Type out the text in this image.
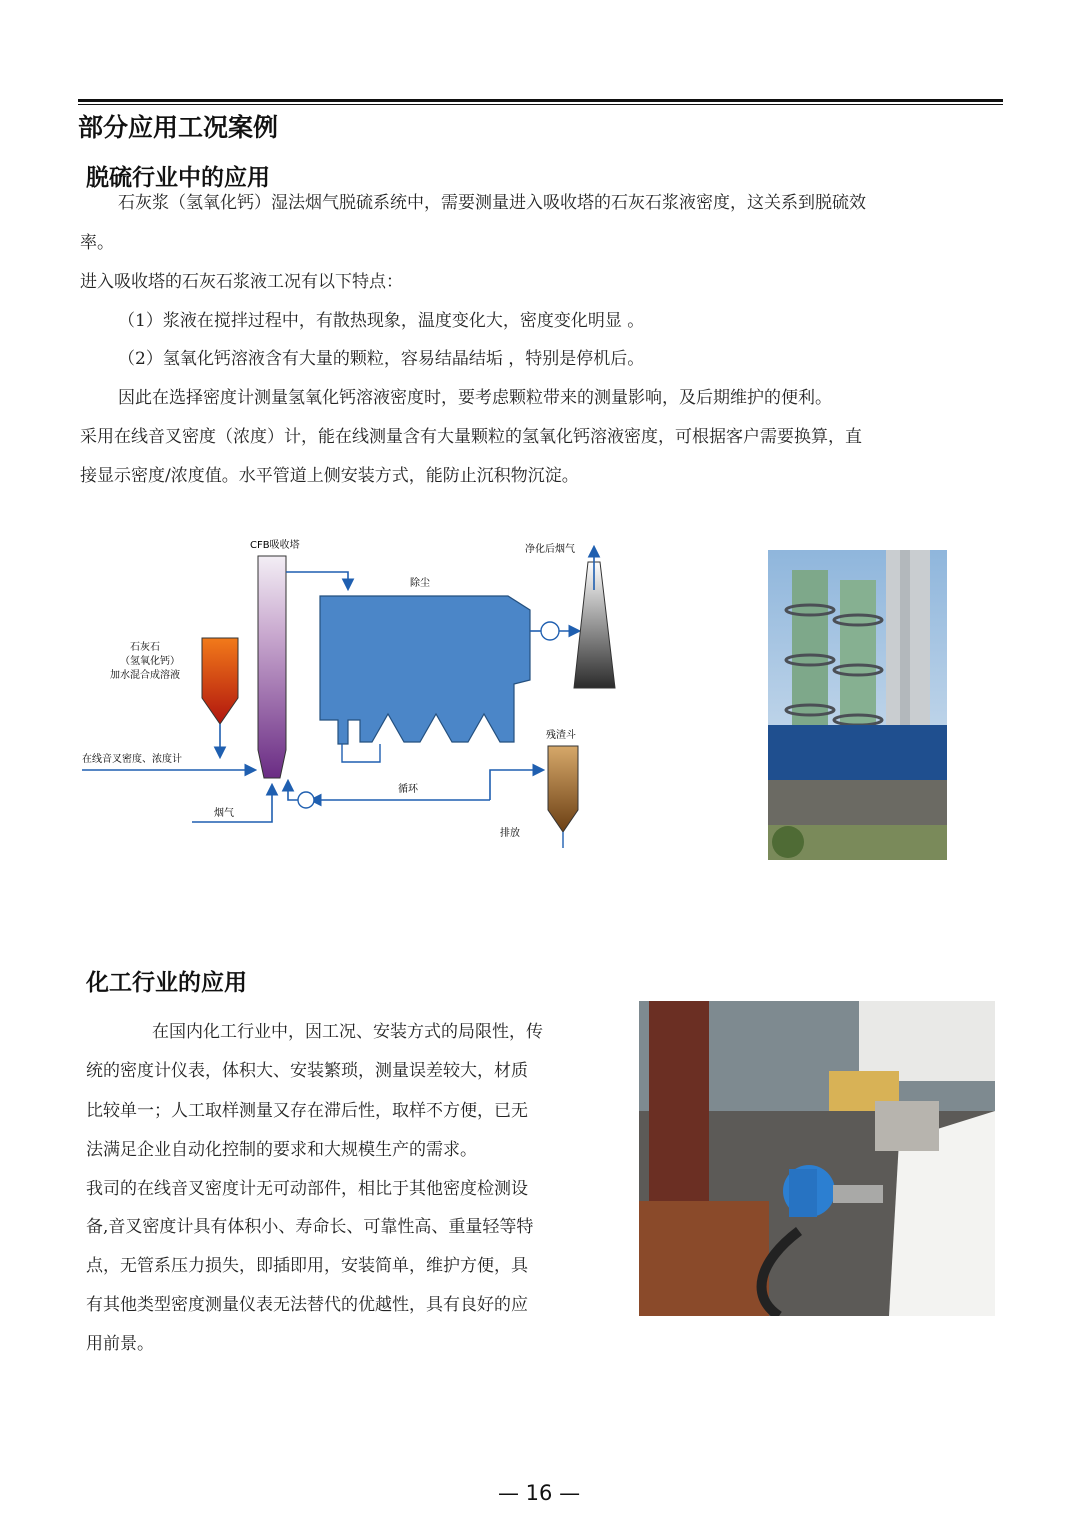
部分应用工况案例
脱硫行业中的应用
石灰浆（氢氧化钙）湿法烟气脱硫系统中，需要测量进入吸收塔的石灰石浆液密度，这关系到脱硫效
率。
进入吸收塔的石灰石浆液工况有以下特点：
（1）浆液在搅拌过程中，有散热现象，温度变化大，密度变化明显 。
（2）氢氧化钙溶液含有大量的颗粒，容易结晶结垢 ，特别是停机后。
因此在选择密度计测量氢氧化钙溶液密度时，要考虑颗粒带来的测量影响，及后期维护的便利。
采用在线音叉密度（浓度）计，能在线测量含有大量颗粒的氢氧化钙溶液密度，可根据客户需要换算，直
接显示密度/浓度值。水平管道上侧安装方式，能防止沉积物沉淀。
CFB吸收塔	净化后烟气
除尘
石灰石
（氢氧化钙）
加水混合成溶液
在线音叉密度、浓度计
残渣斗
烟气
循环
排放
化工行业的应用
在国内化工行业中，因工况、安装方式的局限性，传
统的密度计仪表，体积大、安装繁琐，测量误差较大，材质
比较单一；人工取样测量又存在滞后性，取样不方便，已无
法满足企业自动化控制的要求和大规模生产的需求。
我司的在线音叉密度计无可动部件，相比于其他密度检测设
备,音叉密度计具有体积小、寿命长、可靠性高、重量轻等特
点，无管系压力损失，即插即用，安装简单，维护方便，具
有其他类型密度测量仪表无法替代的优越性，具有良好的应
用前景。
— 16 —
